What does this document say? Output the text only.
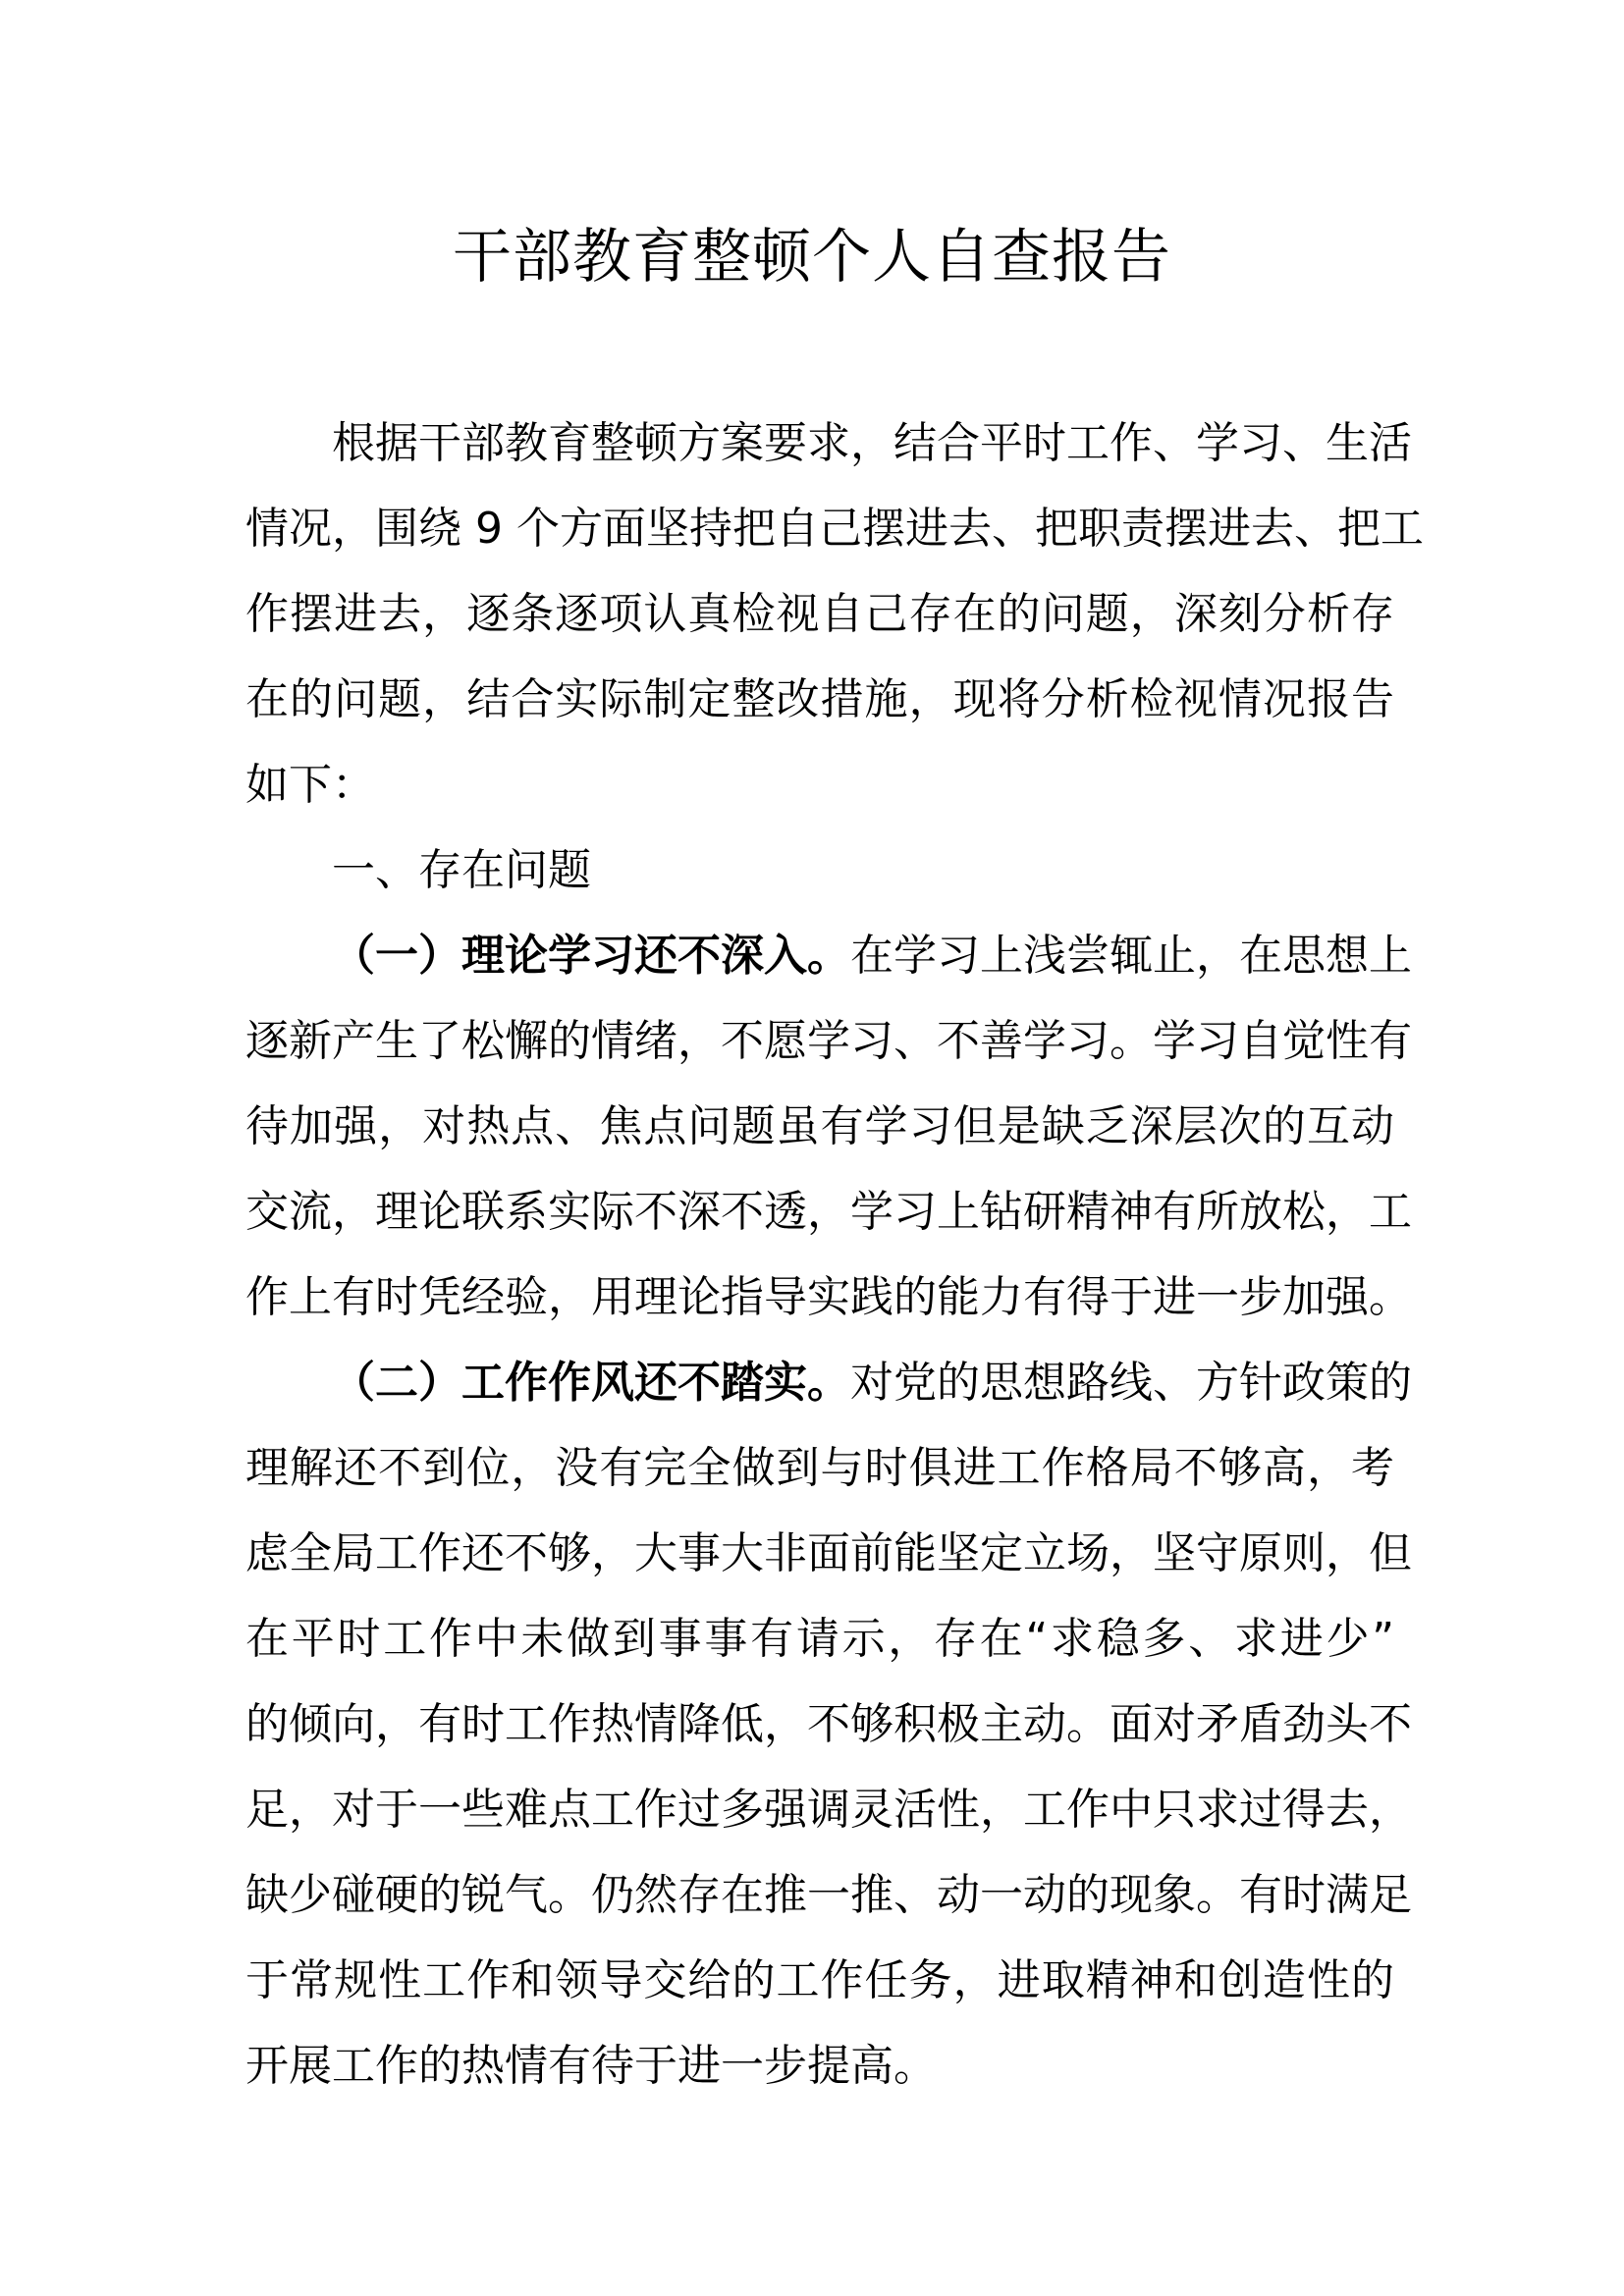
干部教育整顿个人自查报告
根据干部教育整顿方案要求，结合平时工作、学习、生活
情况，围绕 9 个方面坚持把自己摆进去、把职责摆进去、把工
作摆进去，逐条逐项认真检视自己存在的问题，深刻分析存
在的问题，结合实际制定整改措施，现将分析检视情况报告
如下：
一、存在问题
（一）理论学习还不深入。在学习上浅尝辄止，在思想上
逐新产生了松懈的情绪，不愿学习、不善学习。学习自觉性有
待加强，对热点、焦点问题虽有学习但是缺乏深层次的互动
交流，理论联系实际不深不透，学习上钻研精神有所放松，工
作上有时凭经验，用理论指导实践的能力有得于进一步加强。
（二）工作作风还不踏实。对党的思想路线、方针政策的
理解还不到位，没有完全做到与时俱进工作格局不够高，考
虑全局工作还不够，大事大非面前能坚定立场，坚守原则，但
在平时工作中未做到事事有请示，存在“求稳多、求进少”
的倾向，有时工作热情降低，不够积极主动。面对矛盾劲头不
足，对于一些难点工作过多强调灵活性，工作中只求过得去，
缺少碰硬的锐气。仍然存在推一推、动一动的现象。有时满足
于常规性工作和领导交给的工作任务，进取精神和创造性的
开展工作的热情有待于进一步提高。
